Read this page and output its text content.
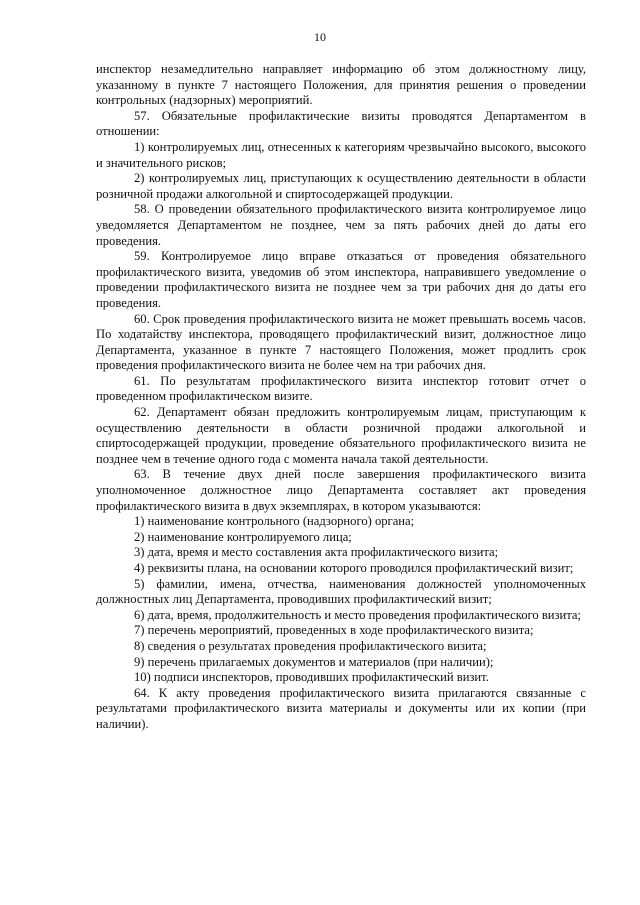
10

инспектор незамедлительно направляет информацию об этом должностному лицу, указанному в пункте 7 настоящего Положения, для принятия решения о проведении контрольных (надзорных) мероприятий.

57. Обязательные профилактические визиты проводятся Департаментом в отношении:

1) контролируемых лиц, отнесенных к категориям чрезвычайно высокого, высокого и значительного рисков;

2) контролируемых лиц, приступающих к осуществлению деятельности в области розничной продажи алкогольной и спиртосодержащей продукции.

58. О проведении обязательного профилактического визита контролируемое лицо уведомляется Департаментом не позднее, чем за пять рабочих дней до даты его проведения.

59. Контролируемое лицо вправе отказаться от проведения обязательного профилактического визита, уведомив об этом инспектора, направившего уведомление о проведении профилактического визита не позднее чем за три рабочих дня до даты его проведения.

60. Срок проведения профилактического визита не может превышать восемь часов. По ходатайству инспектора, проводящего профилактический визит, должностное лицо Департамента, указанное в пункте 7 настоящего Положения, может продлить срок проведения профилактического визита не более чем на три рабочих дня.

61. По результатам профилактического визита инспектор готовит отчет о проведенном профилактическом визите.

62. Департамент обязан предложить контролируемым лицам, приступающим к осуществлению деятельности в области розничной продажи алкогольной и спиртосодержащей продукции, проведение обязательного профилактического визита не позднее чем в течение одного года с момента начала такой деятельности.

63. В течение двух дней после завершения профилактического визита уполномоченное должностное лицо Департамента составляет акт проведения профилактического визита в двух экземплярах, в котором указываются:

1) наименование контрольного (надзорного) органа;

2) наименование контролируемого лица;

3) дата, время и место составления акта профилактического визита;

4) реквизиты плана, на основании которого проводился профилактический визит;

5) фамилии, имена, отчества, наименования должностей уполномоченных должностных лиц Департамента, проводивших профилактический визит;

6) дата, время, продолжительность и место проведения профилактического визита;

7) перечень мероприятий, проведенных в ходе профилактического визита;

8) сведения о результатах проведения профилактического визита;

9) перечень прилагаемых документов и материалов (при наличии);

10) подписи инспекторов, проводивших профилактический визит.

64. К акту проведения профилактического визита прилагаются связанные с результатами профилактического визита материалы и документы или их копии (при наличии).
